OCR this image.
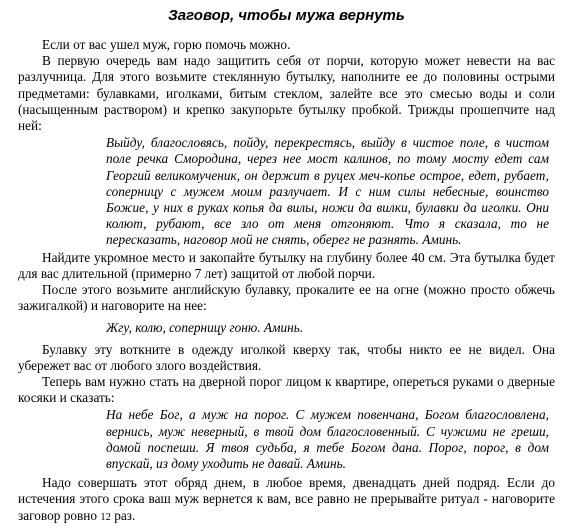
Заговор, чтобы мужа вернуть

Если от вас ушел муж, горю помочь можно.

В первую очередь вам надо защитить себя от порчи, которую может невести на вас разлучница. Для этого возьмите стеклянную бутылку, наполните ее до половины острыми предметами: булавками, иголками, битым стеклом, залейте все это смесью воды и соли (насыщенным раствором) и крепко закупорьте бутылку пробкой. Трижды прошепчите над ней:

Выйду, благословясь, пойду, перекрестясь, выйду в чистое поле, в чистом поле речка Смородина, через нее мост калинов, по тому мосту едет сам Георгий великомученик, он держит в руцех меч-копье острое, едет, рубает, соперницу с мужем моим разлучает. И с ним силы небесные, воинство Божие, у них в руках копья да вилы, ножи да вилки, булавки да иголки. Они колют, рубают, все зло от меня отгоняют. Что я сказала, то не пересказать, наговор мой не снять, оберег не разнять. Аминь.

Найдите укромное место и закопайте бутылку на глубину более 40 см. Эта бутылка будет для вас длительной (примерно 7 лет) защитой от любой порчи.

После этого возьмите английскую булавку, прокалите ее на огне (можно просто обжечь зажигалкой) и наговорите на нее:

Жгу, колю, соперницу гоню. Аминь.

Булавку эту воткните в одежду иголкой кверху так, чтобы никто ее не видел. Она убережет вас от любого злого воздействия.

Теперь вам нужно стать на дверной порог лицом к квартире, опереться руками о дверные косяки и сказать:

На небе Бог, а муж на порог. С мужем повенчана, Богом благословлена, вернись, муж неверный, в твой дом благословенный. С чужими не греши, домой поспеши. Я твоя судьба, я тебе Богом дана. Порог, порог, в дом впускай, из дому уходить не давай. Аминь.

Надо совершать этот обряд днем, в любое время, двенадцать дней подряд. Если до истечения этого срока ваш муж вернется к вам, все равно не прерывайте ритуал - наговорите заговор ровно 12 раз.
